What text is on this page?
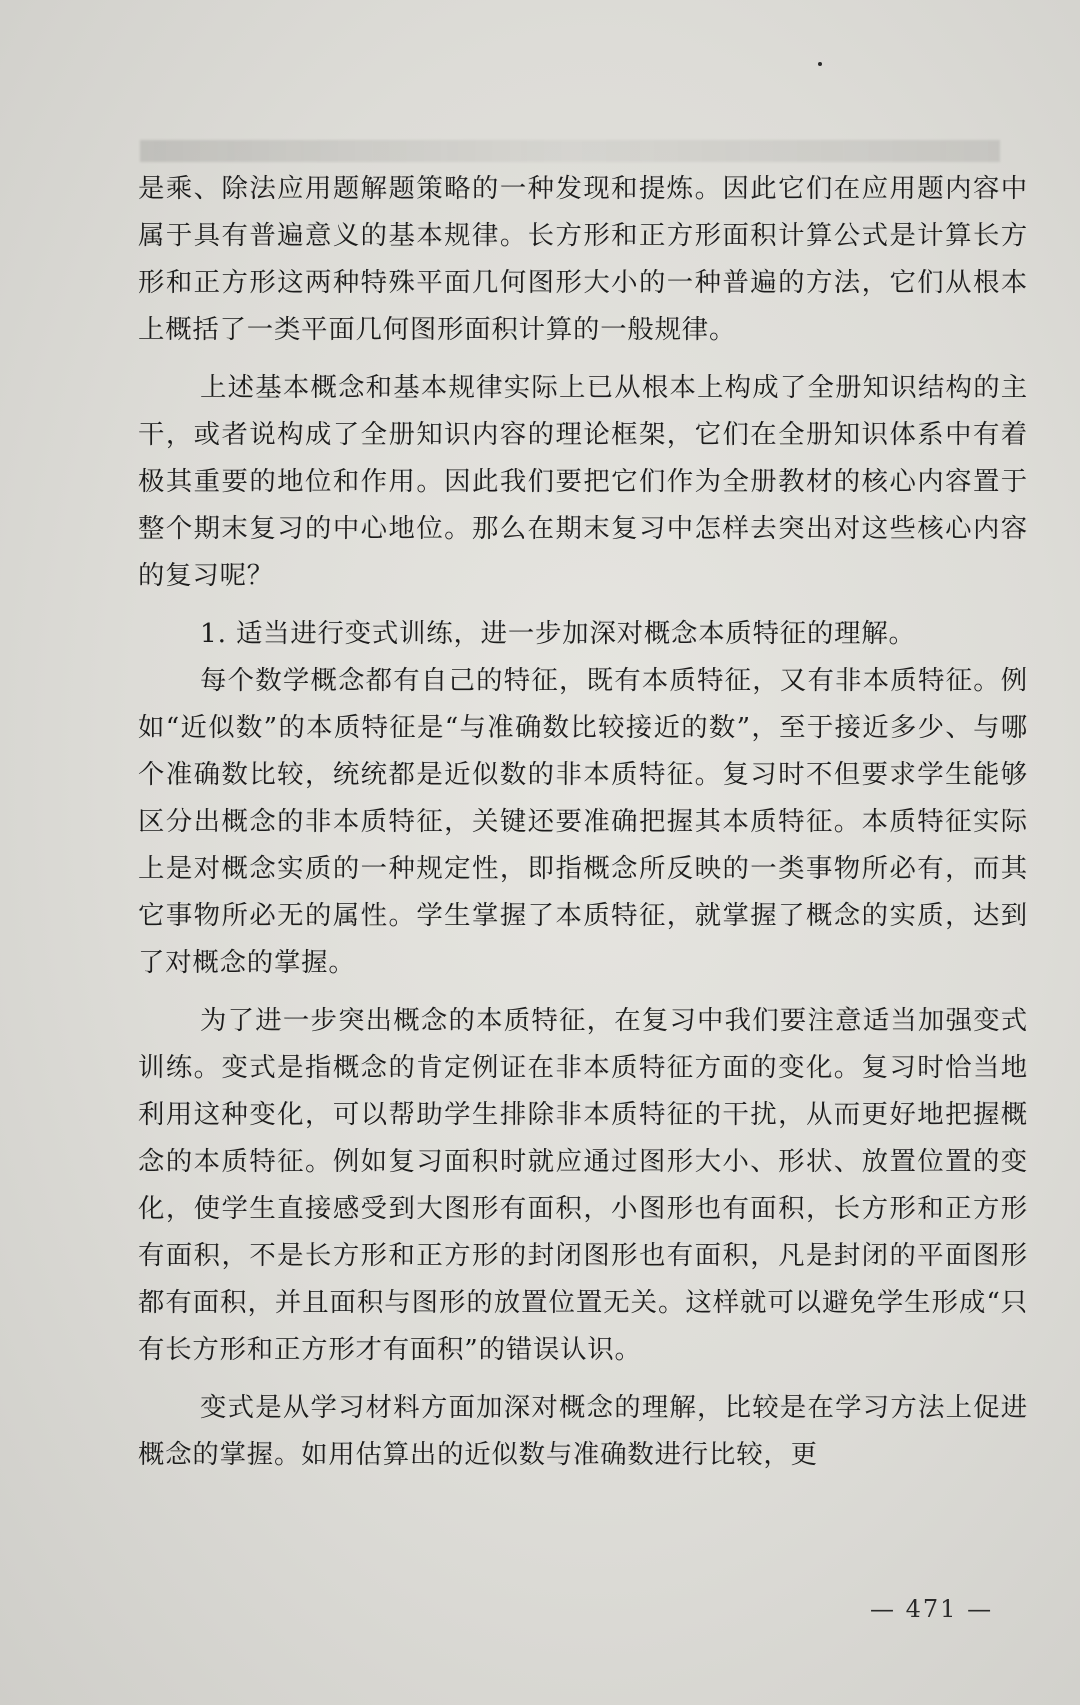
是乘、除法应用题解题策略的一种发现和提炼。因此它们在应用题内容中属于具有普遍意义的基本规律。长方形和正方形面积计算公式是计算长方形和正方形这两种特殊平面几何图形大小的一种普遍的方法，它们从根本上概括了一类平面几何图形面积计算的一般规律。

上述基本概念和基本规律实际上已从根本上构成了全册知识结构的主干，或者说构成了全册知识内容的理论框架，它们在全册知识体系中有着极其重要的地位和作用。因此我们要把它们作为全册教材的核心内容置于整个期末复习的中心地位。那么在期末复习中怎样去突出对这些核心内容的复习呢？

1. 适当进行变式训练，进一步加深对概念本质特征的理解。

每个数学概念都有自己的特征，既有本质特征，又有非本质特征。例如“近似数”的本质特征是“与准确数比较接近的数”，至于接近多少、与哪个准确数比较，统统都是近似数的非本质特征。复习时不但要求学生能够区分出概念的非本质特征，关键还要准确把握其本质特征。本质特征实际上是对概念实质的一种规定性，即指概念所反映的一类事物所必有，而其它事物所必无的属性。学生掌握了本质特征，就掌握了概念的实质，达到了对概念的掌握。

为了进一步突出概念的本质特征，在复习中我们要注意适当加强变式训练。变式是指概念的肯定例证在非本质特征方面的变化。复习时恰当地利用这种变化，可以帮助学生排除非本质特征的干扰，从而更好地把握概念的本质特征。例如复习面积时就应通过图形大小、形状、放置位置的变化，使学生直接感受到大图形有面积，小图形也有面积，长方形和正方形有面积，不是长方形和正方形的封闭图形也有面积，凡是封闭的平面图形都有面积，并且面积与图形的放置位置无关。这样就可以避免学生形成“只有长方形和正方形才有面积”的错误认识。

变式是从学习材料方面加深对概念的理解，比较是在学习方法上促进概念的掌握。如用估算出的近似数与准确数进行比较，更

— 471 —
